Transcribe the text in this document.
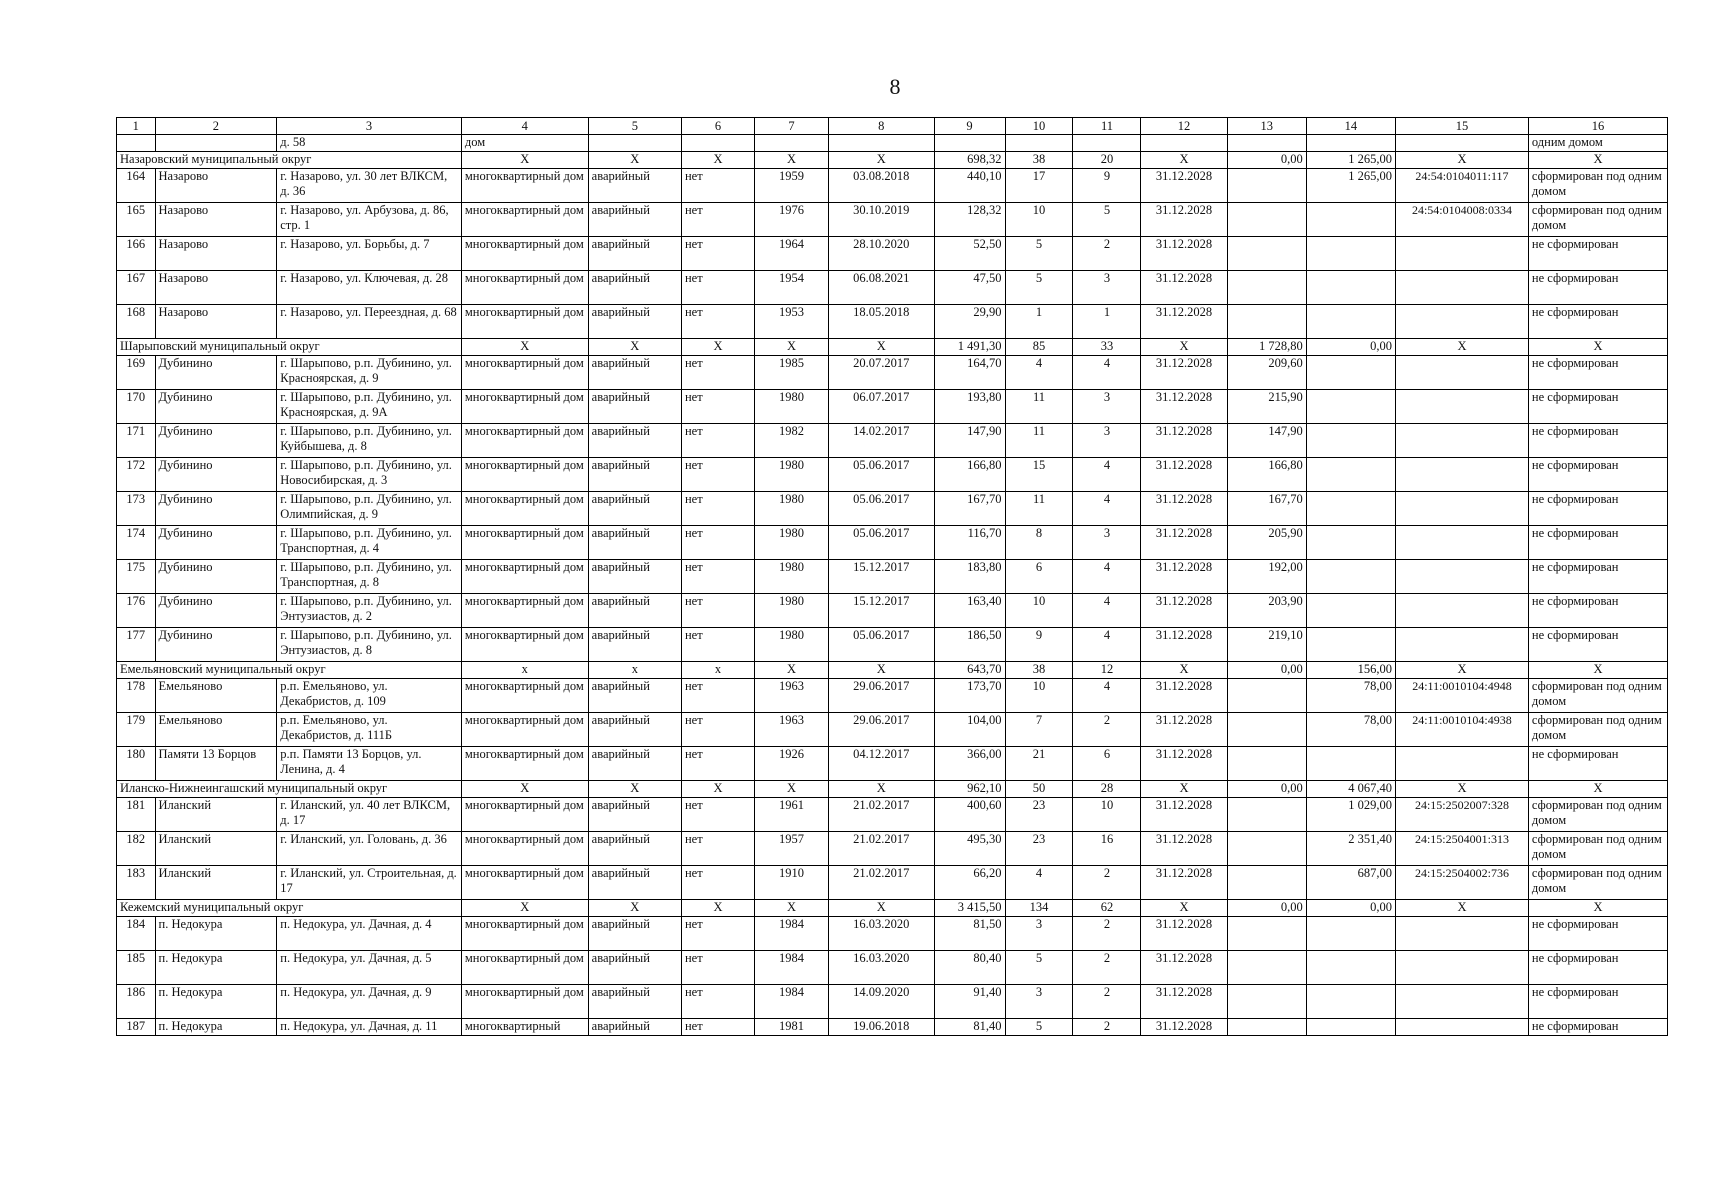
8
1	2	3	4	5	6	7	8	9	10	11	12	13	14	15	16
		д. 58	дом												одним домом
Назаровский муниципальный округ			X	X	X	X	X	698,32	38	20	X	0,00	1 265,00	X	X
164	Назарово	г. Назарово, ул. 30 лет ВЛКСМ, д. 36	многоквартирный дом	аварийный	нет	1959	03.08.2018	440,10	17	9	31.12.2028		1 265,00	24:54:0104011:117	сформирован под одним домом
165	Назарово	г. Назарово, ул. Арбузова, д. 86, стр. 1	многоквартирный дом	аварийный	нет	1976	30.10.2019	128,32	10	5	31.12.2028			24:54:0104008:0334	сформирован под одним домом
166	Назарово	г. Назарово, ул. Борьбы, д. 7	многоквартирный дом	аварийный	нет	1964	28.10.2020	52,50	5	2	31.12.2028				не сформирован
167	Назарово	г. Назарово, ул. Ключевая, д. 28	многоквартирный дом	аварийный	нет	1954	06.08.2021	47,50	5	3	31.12.2028				не сформирован
168	Назарово	г. Назарово, ул. Переездная, д. 68	многоквартирный дом	аварийный	нет	1953	18.05.2018	29,90	1	1	31.12.2028				не сформирован
Шарыповский муниципальный округ			X	X	X	X	X	1 491,30	85	33	X	1 728,80	0,00	X	X
169	Дубинино	г. Шарыпово, р.п. Дубинино, ул. Красноярская, д. 9	многоквартирный дом	аварийный	нет	1985	20.07.2017	164,70	4	4	31.12.2028	209,60			не сформирован
170	Дубинино	г. Шарыпово, р.п. Дубинино, ул. Красноярская, д. 9А	многоквартирный дом	аварийный	нет	1980	06.07.2017	193,80	11	3	31.12.2028	215,90			не сформирован
171	Дубинино	г. Шарыпово, р.п. Дубинино, ул. Куйбышева, д. 8	многоквартирный дом	аварийный	нет	1982	14.02.2017	147,90	11	3	31.12.2028	147,90			не сформирован
172	Дубинино	г. Шарыпово, р.п. Дубинино, ул. Новосибирская, д. 3	многоквартирный дом	аварийный	нет	1980	05.06.2017	166,80	15	4	31.12.2028	166,80			не сформирован
173	Дубинино	г. Шарыпово, р.п. Дубинино, ул. Олимпийская, д. 9	многоквартирный дом	аварийный	нет	1980	05.06.2017	167,70	11	4	31.12.2028	167,70			не сформирован
174	Дубинино	г. Шарыпово, р.п. Дубинино, ул. Транспортная, д. 4	многоквартирный дом	аварийный	нет	1980	05.06.2017	116,70	8	3	31.12.2028	205,90			не сформирован
175	Дубинино	г. Шарыпово, р.п. Дубинино, ул. Транспортная, д. 8	многоквартирный дом	аварийный	нет	1980	15.12.2017	183,80	6	4	31.12.2028	192,00			не сформирован
176	Дубинино	г. Шарыпово, р.п. Дубинино, ул. Энтузиастов, д. 2	многоквартирный дом	аварийный	нет	1980	15.12.2017	163,40	10	4	31.12.2028	203,90			не сформирован
177	Дубинино	г. Шарыпово, р.п. Дубинино, ул. Энтузиастов, д. 8	многоквартирный дом	аварийный	нет	1980	05.06.2017	186,50	9	4	31.12.2028	219,10			не сформирован
Емельяновский муниципальный округ			x	x	x	X	X	643,70	38	12	X	0,00	156,00	X	X
178	Емельяново	р.п. Емельяново, ул. Декабристов, д. 109	многоквартирный дом	аварийный	нет	1963	29.06.2017	173,70	10	4	31.12.2028		78,00	24:11:0010104:4948	сформирован под одним домом
179	Емельяново	р.п. Емельяново, ул. Декабристов, д. 111Б	многоквартирный дом	аварийный	нет	1963	29.06.2017	104,00	7	2	31.12.2028		78,00	24:11:0010104:4938	сформирован под одним домом
180	Памяти 13 Борцов	р.п. Памяти 13 Борцов, ул. Ленина, д. 4	многоквартирный дом	аварийный	нет	1926	04.12.2017	366,00	21	6	31.12.2028				не сформирован
Иланско-Нижнеингашский муниципальный округ			X	X	X	X	X	962,10	50	28	X	0,00	4 067,40	X	X
181	Иланский	г. Иланский, ул. 40 лет ВЛКСМ, д. 17	многоквартирный дом	аварийный	нет	1961	21.02.2017	400,60	23	10	31.12.2028		1 029,00	24:15:2502007:328	сформирован под одним домом
182	Иланский	г. Иланский, ул. Головань, д. 36	многоквартирный дом	аварийный	нет	1957	21.02.2017	495,30	23	16	31.12.2028		2 351,40	24:15:2504001:313	сформирован под одним домом
183	Иланский	г. Иланский, ул. Строительная, д. 17	многоквартирный дом	аварийный	нет	1910	21.02.2017	66,20	4	2	31.12.2028		687,00	24:15:2504002:736	сформирован под одним домом
Кежемский муниципальный округ			X	X	X	X	X	3 415,50	134	62	X	0,00	0,00	X	X
184	п. Недокура	п. Недокура, ул. Дачная, д. 4	многоквартирный дом	аварийный	нет	1984	16.03.2020	81,50	3	2	31.12.2028				не сформирован
185	п. Недокура	п. Недокура, ул. Дачная, д. 5	многоквартирный дом	аварийный	нет	1984	16.03.2020	80,40	5	2	31.12.2028				не сформирован
186	п. Недокура	п. Недокура, ул. Дачная, д. 9	многоквартирный дом	аварийный	нет	1984	14.09.2020	91,40	3	2	31.12.2028				не сформирован
187	п. Недокура	п. Недокура, ул. Дачная, д. 11	многоквартирный	аварийный	нет	1981	19.06.2018	81,40	5	2	31.12.2028				не сформирован
